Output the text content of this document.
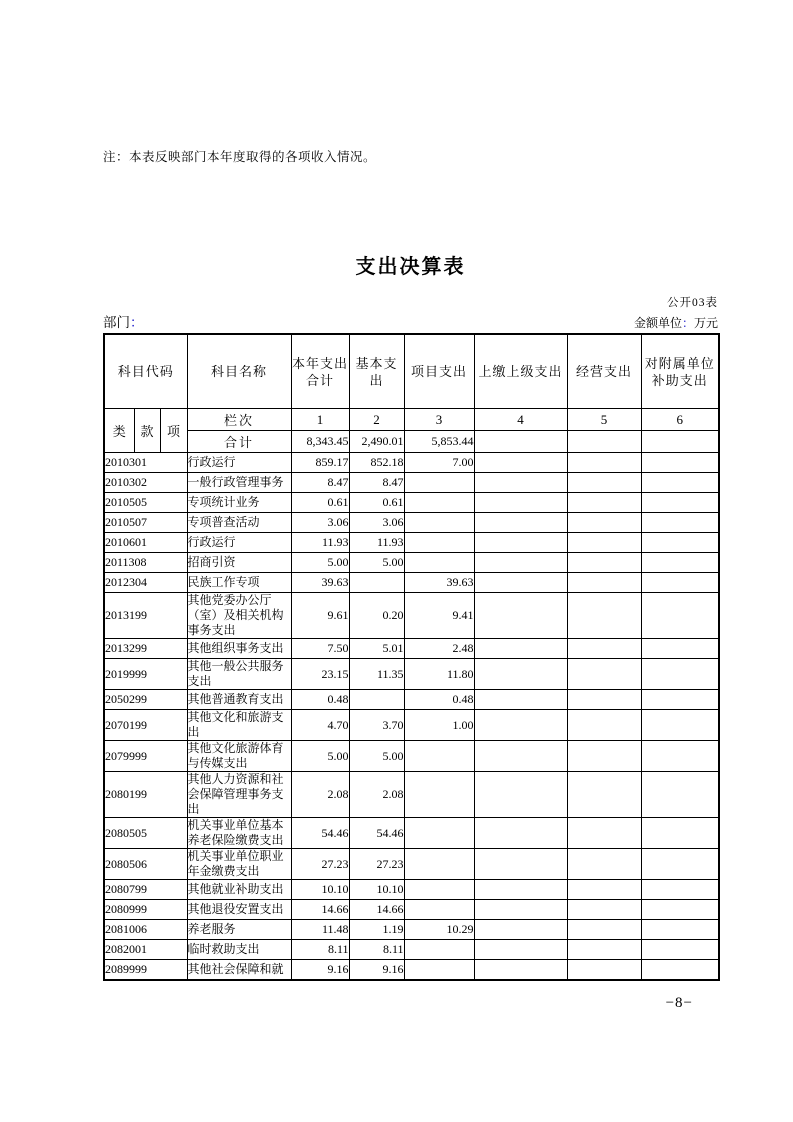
注：本表反映部门本年度取得的各项收入情况。
支出决算表
公开03表
部门：	金额单位：万元
科目代码			科目名称	本年支出合计	基本支出	项目支出	上缴上级支出	经营支出	对附属单位补助支出
类	款	项	栏次	1	2	3	4	5	6
			合计	8,343.45	2,490.01	5,853.44			
2010301			行政运行	859.17	852.18	7.00			
2010302			一般行政管理事务	8.47	8.47				
2010505			专项统计业务	0.61	0.61				
2010507			专项普查活动	3.06	3.06				
2010601			行政运行	11.93	11.93				
2011308			招商引资	5.00	5.00				
2012304			民族工作专项	39.63		39.63			
2013199			其他党委办公厅（室）及相关机构事务支出	9.61	0.20	9.41			
2013299			其他组织事务支出	7.50	5.01	2.48			
2019999			其他一般公共服务支出	23.15	11.35	11.80			
2050299			其他普通教育支出	0.48		0.48			
2070199			其他文化和旅游支出	4.70	3.70	1.00			
2079999			其他文化旅游体育与传媒支出	5.00	5.00				
2080199			其他人力资源和社会保障管理事务支出	2.08	2.08				
2080505			机关事业单位基本养老保险缴费支出	54.46	54.46				
2080506			机关事业单位职业年金缴费支出	27.23	27.23				
2080799			其他就业补助支出	10.10	10.10				
2080999			其他退役安置支出	14.66	14.66				
2081006			养老服务	11.48	1.19	10.29			
2082001			临时救助支出	8.11	8.11				
2089999			其他社会保障和就	9.16	9.16				
−8−
